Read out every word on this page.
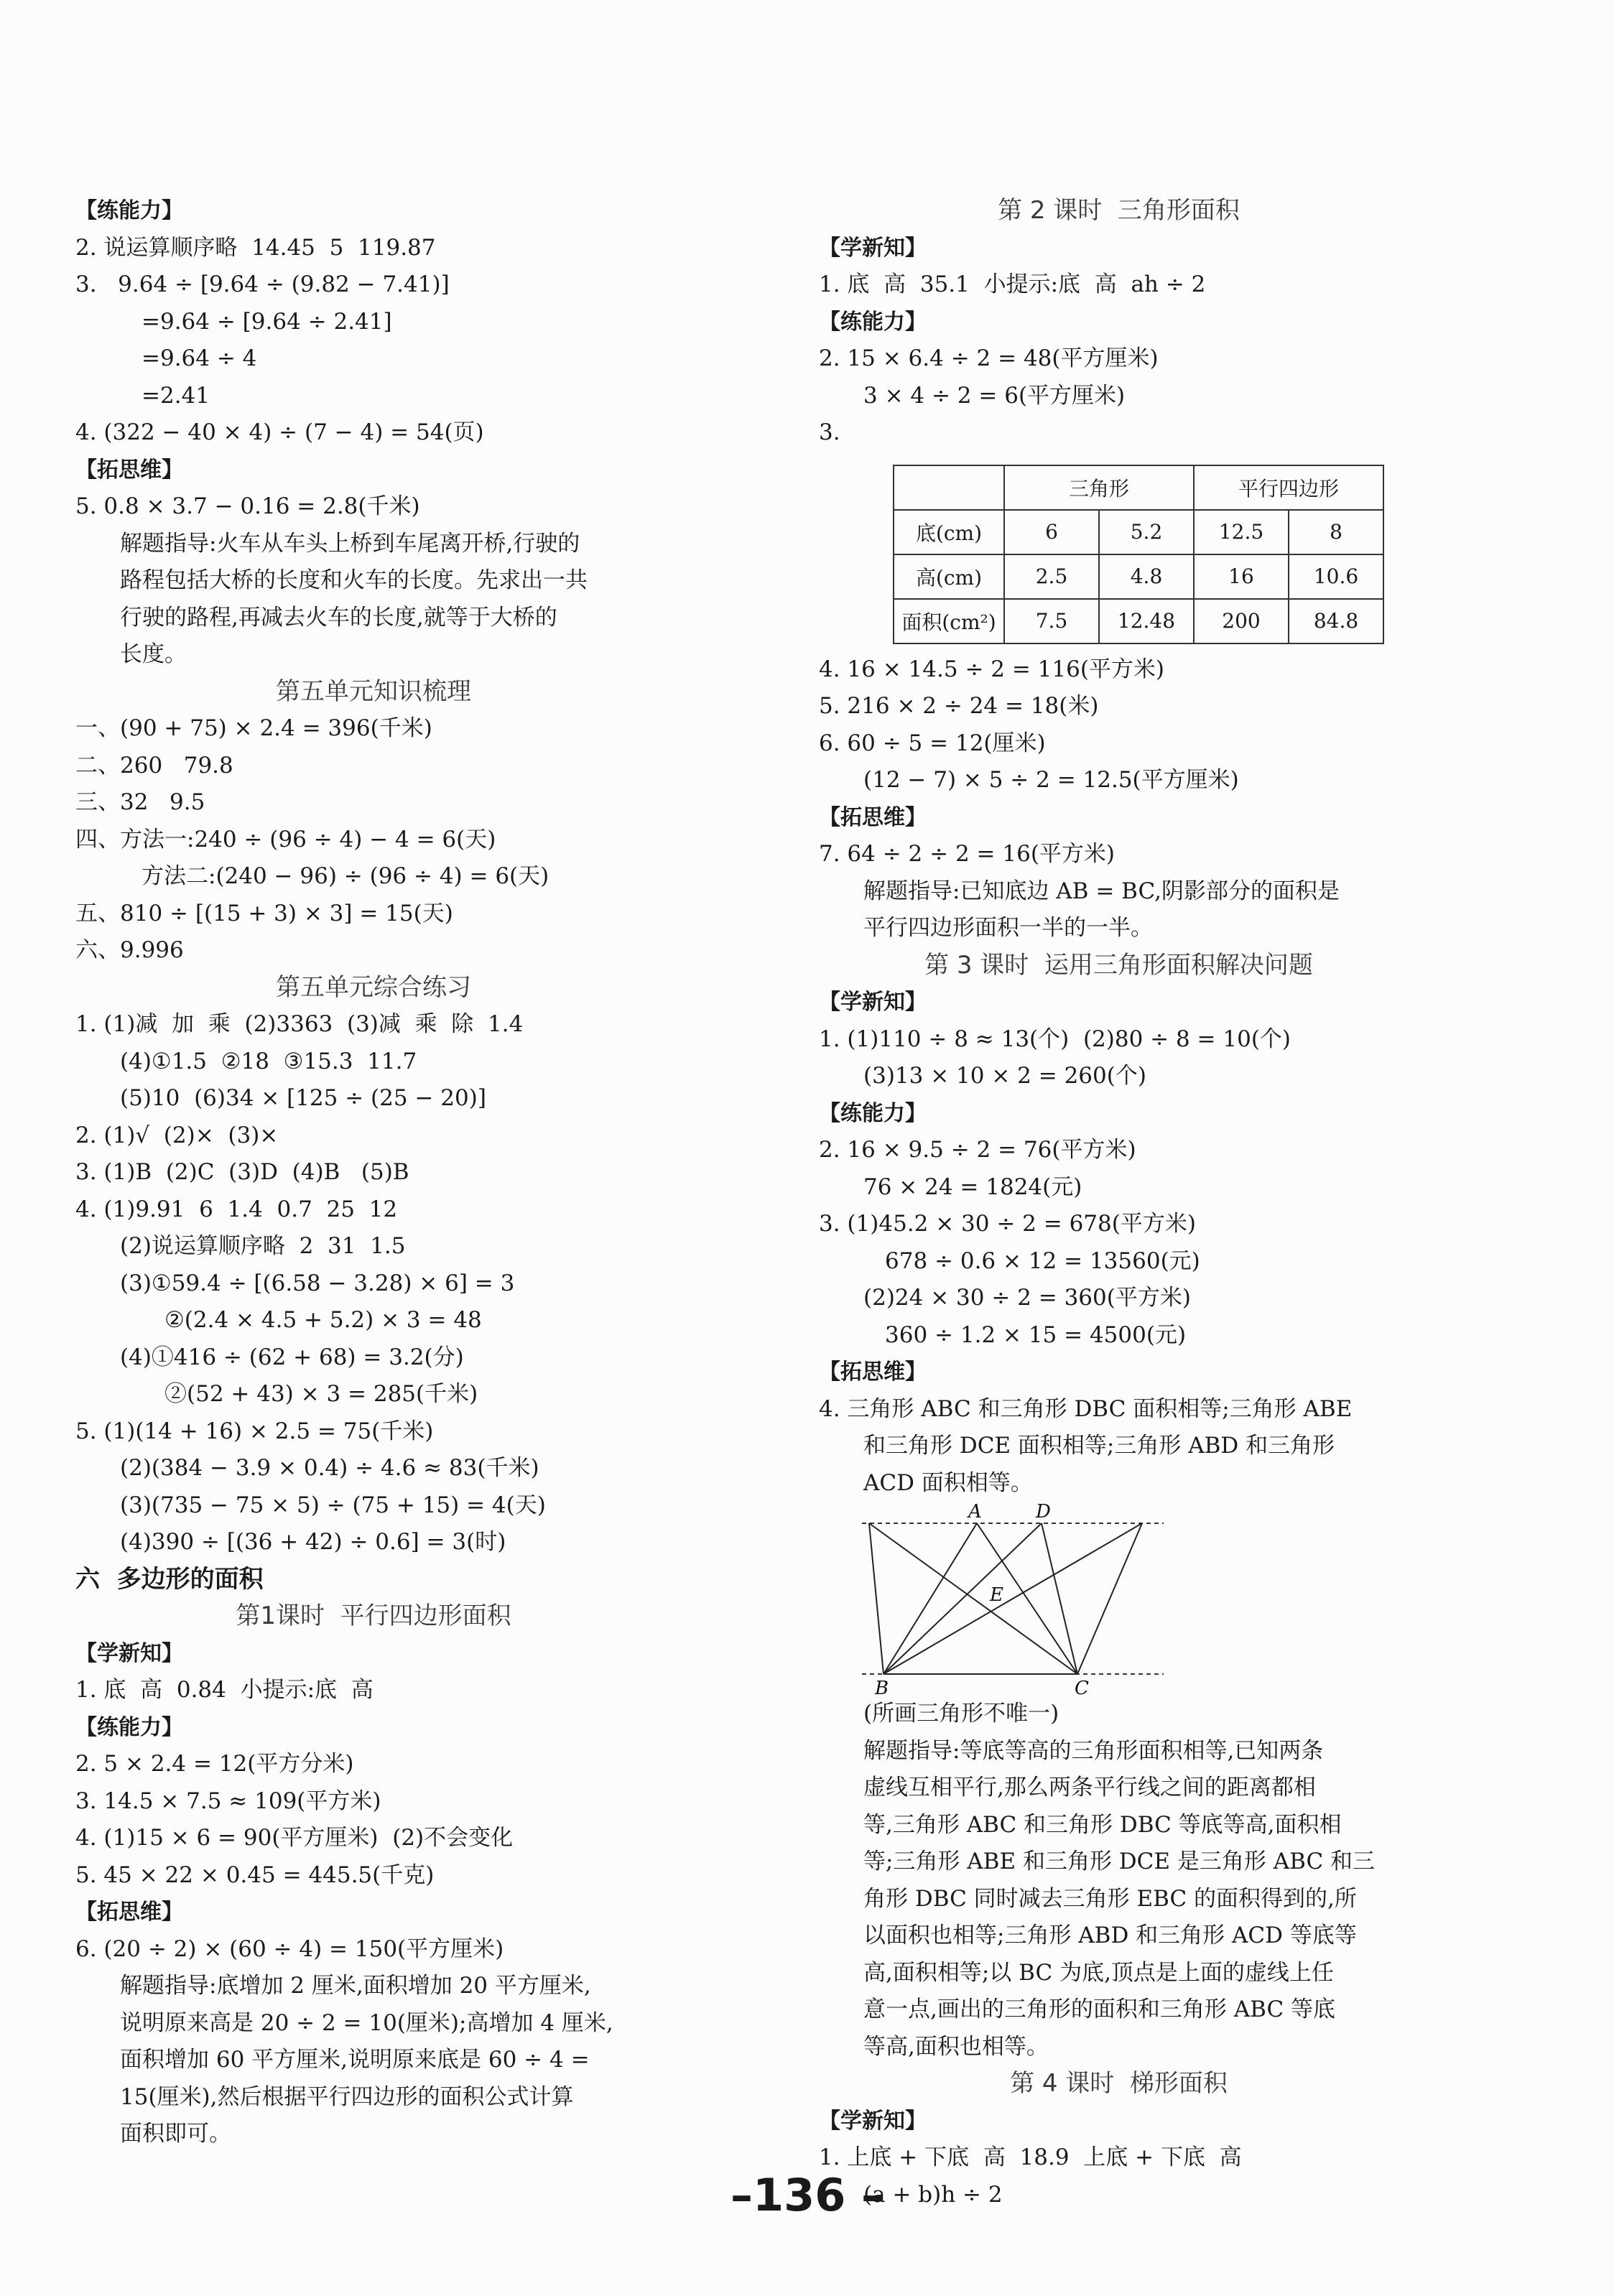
【练能力】
2. 说运算顺序略  14.45  5  119.87
3.   9.64 ÷ [9.64 ÷ (9.82 − 7.41)]
=9.64 ÷ [9.64 ÷ 2.41]
=9.64 ÷ 4
=2.41
4. (322 − 40 × 4) ÷ (7 − 4) = 54(页)
【拓思维】
5. 0.8 × 3.7 − 0.16 = 2.8(千米)
解题指导:火车从车头上桥到车尾离开桥,行驶的
路程包括大桥的长度和火车的长度。先求出一共
行驶的路程,再减去火车的长度,就等于大桥的
长度。
第五单元知识梳理
一、(90 + 75) × 2.4 = 396(千米)
二、260   79.8
三、32   9.5
四、方法一:240 ÷ (96 ÷ 4) − 4 = 6(天)
方法二:(240 − 96) ÷ (96 ÷ 4) = 6(天)
五、810 ÷ [(15 + 3) × 3] = 15(天)
六、9.996
第五单元综合练习
1. (1)减  加  乘  (2)3363  (3)减  乘  除  1.4
(4)①1.5  ②18  ③15.3  11.7
(5)10  (6)34 × [125 ÷ (25 − 20)]
2. (1)√  (2)×  (3)×
3. (1)B  (2)C  (3)D  (4)B   (5)B
4. (1)9.91  6  1.4  0.7  25  12
(2)说运算顺序略  2  31  1.5
(3)①59.4 ÷ [(6.58 − 3.28) × 6] = 3
②(2.4 × 4.5 + 5.2) × 3 = 48
(4)①416 ÷ (62 + 68) = 3.2(分)
②(52 + 43) × 3 = 285(千米)
5. (1)(14 + 16) × 2.5 = 75(千米)
(2)(384 − 3.9 × 0.4) ÷ 4.6 ≈ 83(千米)
(3)(735 − 75 × 5) ÷ (75 + 15) = 4(天)
(4)390 ÷ [(36 + 42) ÷ 0.6] = 3(时)
六  多边形的面积
第1课时  平行四边形面积
【学新知】
1. 底  高  0.84  小提示:底  高
【练能力】
2. 5 × 2.4 = 12(平方分米)
3. 14.5 × 7.5 ≈ 109(平方米)
4. (1)15 × 6 = 90(平方厘米)  (2)不会变化
5. 45 × 22 × 0.45 = 445.5(千克)
【拓思维】
6. (20 ÷ 2) × (60 ÷ 4) = 150(平方厘米)
解题指导:底增加 2 厘米,面积增加 20 平方厘米,
说明原来高是 20 ÷ 2 = 10(厘米);高增加 4 厘米,
面积增加 60 平方厘米,说明原来底是 60 ÷ 4 =
15(厘米),然后根据平行四边形的面积公式计算
面积即可。
第 2 课时  三角形面积
【学新知】
1. 底  高  35.1  小提示:底  高  ah ÷ 2
【练能力】
2. 15 × 6.4 ÷ 2 = 48(平方厘米)
3 × 4 ÷ 2 = 6(平方厘米)
3.
	三角形		平行四边形	
底(cm)	6	5.2	12.5	8
高(cm)	2.5	4.8	16	10.6
面积(cm²)	7.5	12.48	200	84.8
4. 16 × 14.5 ÷ 2 = 116(平方米)
5. 216 × 2 ÷ 24 = 18(米)
6. 60 ÷ 5 = 12(厘米)
(12 − 7) × 5 ÷ 2 = 12.5(平方厘米)
【拓思维】
7. 64 ÷ 2 ÷ 2 = 16(平方米)
解题指导:已知底边 AB = BC,阴影部分的面积是
平行四边形面积一半的一半。
第 3 课时  运用三角形面积解决问题
【学新知】
1. (1)110 ÷ 8 ≈ 13(个)  (2)80 ÷ 8 = 10(个)
(3)13 × 10 × 2 = 260(个)
【练能力】
2. 16 × 9.5 ÷ 2 = 76(平方米)
76 × 24 = 1824(元)
3. (1)45.2 × 30 ÷ 2 = 678(平方米)
678 ÷ 0.6 × 12 = 13560(元)
(2)24 × 30 ÷ 2 = 360(平方米)
360 ÷ 1.2 × 15 = 4500(元)
【拓思维】
4. 三角形 ABC 和三角形 DBC 面积相等;三角形 ABE
和三角形 DCE 面积相等;三角形 ABD 和三角形
ACD 面积相等。
A	D
E
B	C
(所画三角形不唯一)
解题指导:等底等高的三角形面积相等,已知两条
虚线互相平行,那么两条平行线之间的距离都相
等,三角形 ABC 和三角形 DBC 等底等高,面积相
等;三角形 ABE 和三角形 DCE 是三角形 ABC 和三
角形 DBC 同时减去三角形 EBC 的面积得到的,所
以面积也相等;三角形 ABD 和三角形 ACD 等底等
高,面积相等;以 BC 为底,顶点是上面的虚线上任
意一点,画出的三角形的面积和三角形 ABC 等底
等高,面积也相等。
第 4 课时  梯形面积
【学新知】
1. 上底 + 下底  高  18.9  上底 + 下底  高
(a + b)h ÷ 2
–136 –
